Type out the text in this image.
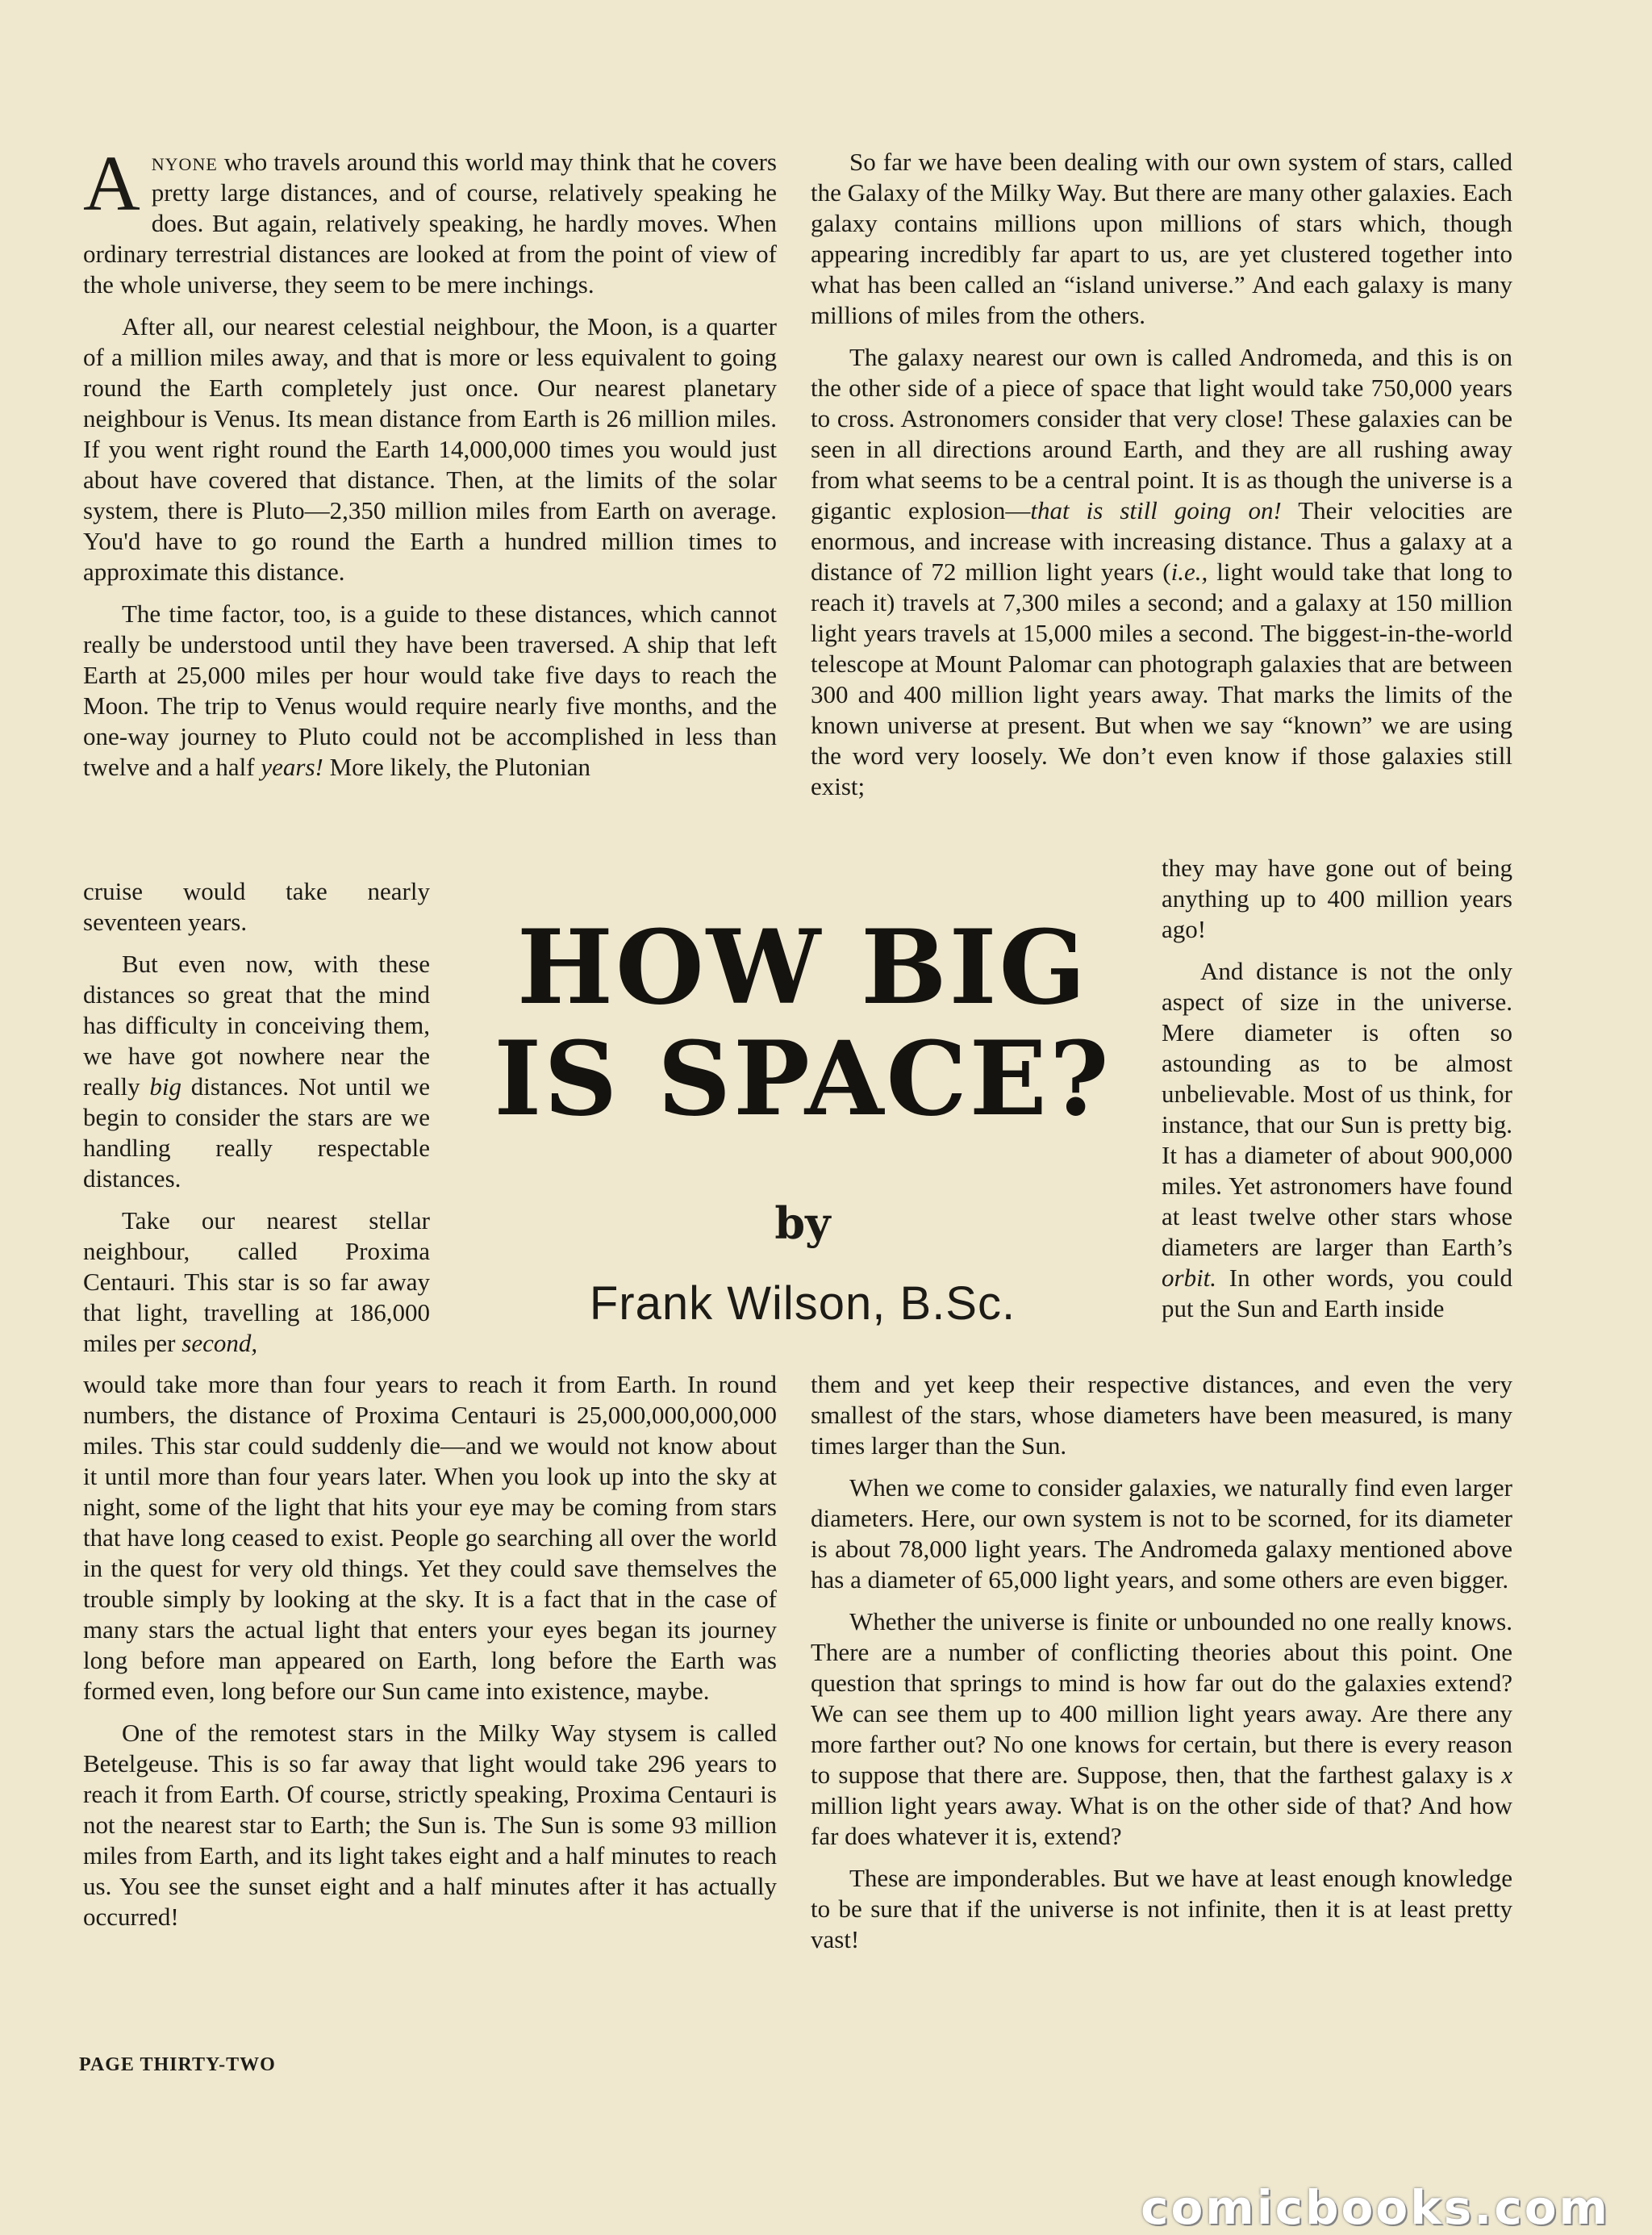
Anyone who travels around this world may think that he covers pretty large distances, and of course, relatively speaking he does. But again, relatively speaking, he hardly moves. When ordinary terrestrial distances are looked at from the point of view of the whole universe, they seem to be mere inchings.

After all, our nearest celestial neighbour, the Moon, is a quarter of a million miles away, and that is more or less equivalent to going round the Earth completely just once. Our nearest planetary neighbour is Venus. Its mean distance from Earth is 26 million miles. If you went right round the Earth 14,000,000 times you would just about have covered that distance. Then, at the limits of the solar system, there is Pluto—2,350 million miles from Earth on average. You'd have to go round the Earth a hundred million times to approximate this distance.

The time factor, too, is a guide to these distances, which cannot really be understood until they have been traversed. A ship that left Earth at 25,000 miles per hour would take five days to reach the Moon. The trip to Venus would require nearly five months, and the one-way journey to Pluto could not be accomplished in less than twelve and a half years! More likely, the Plutonian

cruise would take nearly seventeen years.

But even now, with these distances so great that the mind has difficulty in conceiving them, we have got nowhere near the really big distances. Not until we begin to consider the stars are we handling really respectable distances.

Take our nearest stellar neighbour, called Proxima Centauri. This star is so far away that light, travelling at 186,000 miles per second,

would take more than four years to reach it from Earth. In round numbers, the distance of Proxima Centauri is 25,000,000,000,000 miles. This star could suddenly die—and we would not know about it until more than four years later. When you look up into the sky at night, some of the light that hits your eye may be coming from stars that have long ceased to exist. People go searching all over the world in the quest for very old things. Yet they could save themselves the trouble simply by looking at the sky. It is a fact that in the case of many stars the actual light that enters your eyes began its journey long before man appeared on Earth, long before the Earth was formed even, long before our Sun came into existence, maybe.

One of the remotest stars in the Milky Way stysem is called Betelgeuse. This is so far away that light would take 296 years to reach it from Earth. Of course, strictly speaking, Proxima Centauri is not the nearest star to Earth; the Sun is. The Sun is some 93 million miles from Earth, and its light takes eight and a half minutes to reach us. You see the sunset eight and a half minutes after it has actually occurred!

So far we have been dealing with our own system of stars, called the Galaxy of the Milky Way. But there are many other galaxies. Each galaxy contains millions upon millions of stars which, though appearing incredibly far apart to us, are yet clustered together into what has been called an “island universe.” And each galaxy is many millions of miles from the others.

The galaxy nearest our own is called Andromeda, and this is on the other side of a piece of space that light would take 750,000 years to cross. Astronomers consider that very close! These galaxies can be seen in all directions around Earth, and they are all rushing away from what seems to be a central point. It is as though the universe is a gigantic explosion—that is still going on! Their velocities are enormous, and increase with increasing distance. Thus a galaxy at a distance of 72 million light years (i.e., light would take that long to reach it) travels at 7,300 miles a second; and a galaxy at 150 million light years travels at 15,000 miles a second. The biggest-in-the-world telescope at Mount Palomar can photograph galaxies that are between 300 and 400 million light years away. That marks the limits of the known universe at present. But when we say “known” we are using the word very loosely. We don’t even know if those galaxies still exist;

they may have gone out of being anything up to 400 million years ago!

And distance is not the only aspect of size in the universe. Mere diameter is often so astounding as to be almost unbelievable. Most of us think, for instance, that our Sun is pretty big. It has a diameter of about 900,000 miles. Yet astronomers have found at least twelve other stars whose diameters are larger than Earth’s orbit. In other words, you could put the Sun and Earth inside

them and yet keep their respective distances, and even the very smallest of the stars, whose diameters have been measured, is many times larger than the Sun.

When we come to consider galaxies, we naturally find even larger diameters. Here, our own system is not to be scorned, for its diameter is about 78,000 light years. The Andromeda galaxy mentioned above has a diameter of 65,000 light years, and some others are even bigger.

Whether the universe is finite or unbounded no one really knows. There are a number of conflicting theories about this point. One question that springs to mind is how far out do the galaxies extend? We can see them up to 400 million light years away. Are there any more farther out? No one knows for certain, but there is every reason to suppose that there are. Suppose, then, that the farthest galaxy is x million light years away. What is on the other side of that? And how far does whatever it is, extend?

These are imponderables. But we have at least enough knowledge to be sure that if the universe is not infinite, then it is at least pretty vast!

HOW BIG
IS SPACE?
by
Frank Wilson, B.Sc.
PAGE THIRTY-TWO
comicbooks.com
